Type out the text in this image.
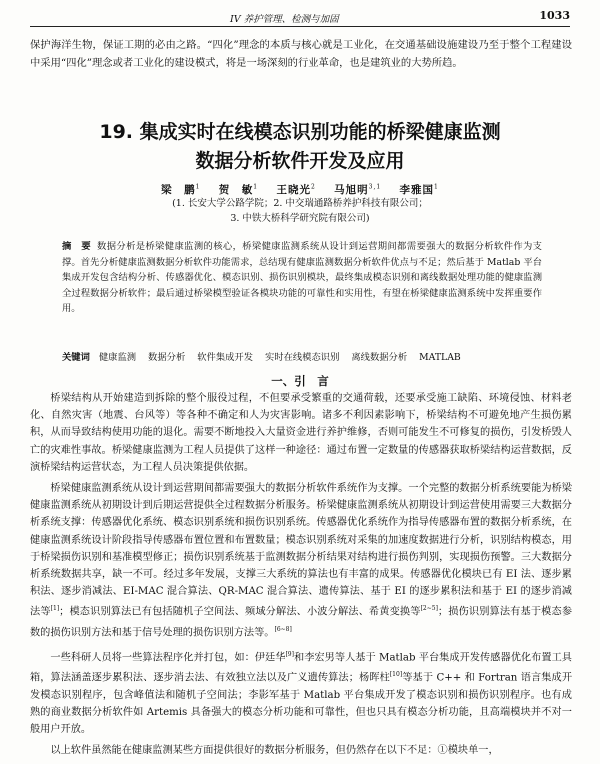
IV 养护管理、检测与加固	1033
保护海洋生物，保证工期的必由之路。“四化”理念的本质与核心就是工业化，在交通基础设施建设乃至于整个工程建设中采用“四化”理念或者工业化的建设模式，将是一场深刻的行业革命，也是建筑业的大势所趋。
19. 集成实时在线模态识别功能的桥梁健康监测
数据分析软件开发及应用
梁　鹏$^1$ 贺　敏$^1$ 王晓光$^2$ 马旭明$^{3,1}$ 李雅国$^1$
(1. 长安大学公路学院；2. 中交瑞通路桥养护科技有限公司；
3. 中铁大桥科学研究院有限公司)
摘　要 数据分析是桥梁健康监测的核心，桥梁健康监测系统从设计到运营期间都需要强大的数据分析软件作为支撑。首先分析健康监测数据分析软件功能需求，总结现有健康监测数据分析软件优点与不足；然后基于 Matlab 平台集成开发包含结构分析、传感器优化、模态识别、损伤识别模块，最终集成模态识别和离线数据处理功能的健康监测全过程数据分析软件；最后通过桥梁模型验证各模块功能的可靠性和实用性，有望在桥梁健康监测系统中发挥重要作用。
关键词 健康监测 数据分析 软件集成开发 实时在线模态识别 离线数据分析 MATLAB
一、引　言

桥梁结构从开始建造到拆除的整个服役过程，不但要承受繁重的交通荷载，还要承受施工缺陷、环境侵蚀、材料老化、自然灾害（地震、台风等）等各种不确定和人为灾害影响。诸多不利因素影响下，桥梁结构不可避免地产生损伤累积，从而导致结构使用功能的退化。需要不断地投入大量资金进行养护维修，否则可能发生不可修复的损伤，引发桥毁人亡的灾难性事故。桥梁健康监测为工程人员提供了这样一种途径：通过布置一定数量的传感器获取桥梁结构运营数据，反演桥梁结构运营状态，为工程人员决策提供依据。

桥梁健康监测系统从设计到运营期间都需要强大的数据分析软件系统作为支撑。一个完整的数据分析系统要能为桥梁健康监测系统从初期设计到后期运营提供全过程数据分析服务。桥梁健康监测系统从初期设计到运营使用需要三大数据分析系统支撑：传感器优化系统、模态识别系统和损伤识别系统。传感器优化系统作为指导传感器布置的数据分析系统，在健康监测系统设计阶段指导传感器布置位置和布置数量；模态识别系统对采集的加速度数据进行分析，识别结构模态，用于桥梁损伤识别和基准模型修正；损伤识别系统基于监测数据分析结果对结构进行损伤判别，实现损伤预警。三大数据分析系统数据共享，缺一不可。经过多年发展，支撑三大系统的算法也有丰富的成果。传感器优化模块已有 EI 法、逐步累积法、逐步消减法、EI-MAC 混合算法、QR-MAC 混合算法、遗传算法、基于 EI 的逐步累积法和基于 EI 的逐步消减法等[1]；模态识别算法已有包括随机子空间法、频域分解法、小波分解法、希黄变换等[2~5]；损伤识别算法有基于模态参数的损伤识别方法和基于信号处理的损伤识别方法等。[6~8]

一些科研人员将一些算法程序化并打包，如：伊廷华[9]和李宏男等人基于 Matlab 平台集成开发传感器优化布置工具箱，算法涵盖逐步累积法、逐步消去法、有效独立法以及广义遗传算法；杨晖柱[10]等基于 C++ 和 Fortran 语言集成开发模态识别程序，包含峰值法和随机子空间法；李影军基于 Matlab 平台集成开发了模态识别和损伤识别程序。也有成熟的商业数据分析软件如 Artemis 具备强大的模态分析功能和可靠性，但也只具有模态分析功能，且高端模块并不对一般用户开放。

以上软件虽然能在健康监测某些方面提供很好的数据分析服务，但仍然存在以下不足：①模块单一，
